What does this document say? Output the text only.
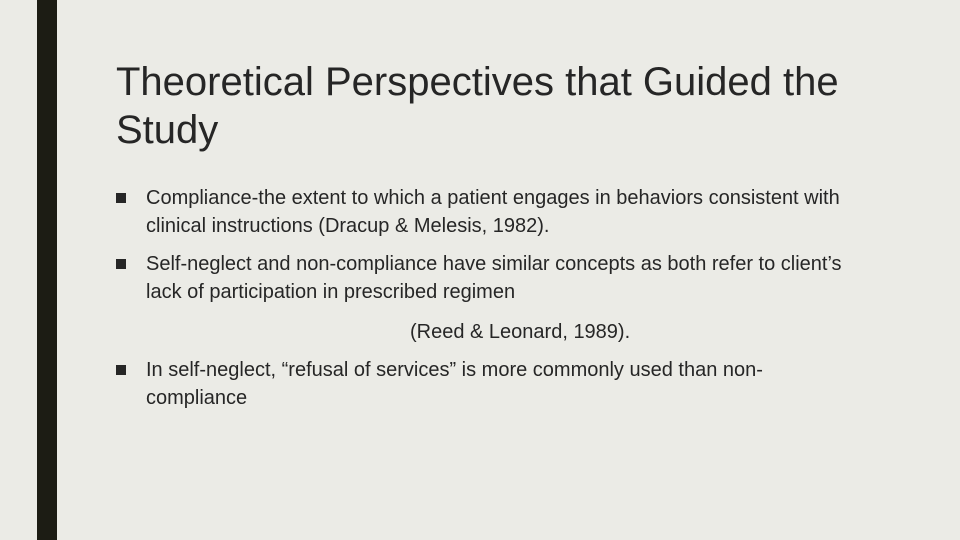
Theoretical Perspectives that Guided the Study
Compliance-the extent to which a patient engages in behaviors consistent with clinical instructions (Dracup & Melesis, 1982).
Self-neglect and non-compliance have similar concepts as both refer to client’s lack of participation in prescribed regimen
(Reed & Leonard, 1989).
In self-neglect, “refusal of services” is more commonly used than non-compliance
